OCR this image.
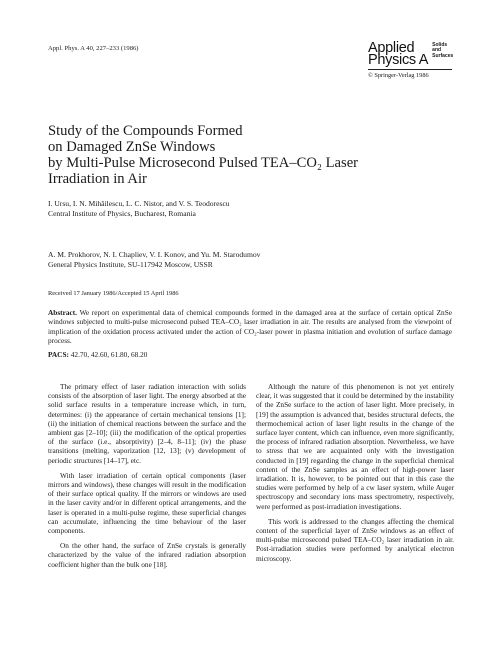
Appl. Phys. A 40, 227–233 (1986)	Applied
Physics A
Solids
and
Surfaces
© Springer-Verlag 1986
Study of the Compounds Formed
on Damaged ZnSe Windows
by Multi-Pulse Microsecond Pulsed TEA–CO₂ Laser
Irradiation in Air
I. Ursu, I. N. Mihăilescu, L. C. Nistor, and V. S. Teodorescu
Central Institute of Physics, Bucharest, Romania
A. M. Prokhorov, N. I. Chapliev, V. I. Konov, and Yu. M. Starodumov
General Physics Institute, SU-117942 Moscow, USSR
Received 17 January 1986/Accepted 15 April 1986
Abstract. We report on experimental data of chemical compounds formed in the damaged area at the surface of certain optical ZnSe windows subjected to multi-pulse microsecond pulsed TEA–CO₂ laser irradiation in air. The results are analysed from the viewpoint of implication of the oxidation process activated under the action of CO₂-laser power in plasma initiation and evolution of surface damage process.
PACS: 42.70, 42.60, 61.80, 68.20

The primary effect of laser radiation interaction with solids consists of the absorption of laser light. The energy absorbed at the solid surface results in a temperature increase which, in turn, determines: (i) the appearance of certain mechanical tensions [1]; (ii) the initiation of chemical reactions between the surface and the ambient gas [2–10]; (iii) the modification of the optical properties of the surface (i.e., absorptivity) [2–4, 8–11]; (iv) the phase transitions (melting, vaporization [12, 13]; (v) development of periodic structures [14–17], etc.

With laser irradiation of certain optical components (laser mirrors and windows), these changes will result in the modification of their surface optical quality. If the mirrors or windows are used in the laser cavity and/or in different optical arrangements, and the laser is operated in a multi-pulse regime, these superficial changes can accumulate, influencing the time behaviour of the laser components.

On the other hand, the surface of ZnSe crystals is generally characterized by the value of the infrared radiation absorption coefficient higher than the bulk one [18].

Although the nature of this phenomenon is not yet entirely clear, it was suggested that it could be determined by the instability of the ZnSe surface to the action of laser light. More precisely, in [19] the assumption is advanced that, besides structural defects, the thermochemical action of laser light results in the change of the surface layer content, which can influence, even more significantly, the process of infrared radiation absorption. Nevertheless, we have to stress that we are acquainted only with the investigation conducted in [19] regarding the change in the superficial chemical content of the ZnSe samples as an effect of high-power laser irradiation. It is, however, to be pointed out that in this case the studies were performed by help of a cw laser system, while Auger spectroscopy and secondary ions mass spectrometry, respectively, were performed as post-irradiation investigations.

This work is addressed to the changes affecting the chemical content of the superficial layer of ZnSe windows as an effect of multi-pulse microsecond pulsed TEA–CO₂ laser irradiation in air. Post-irradiation studies were performed by analytical electron microscopy.
